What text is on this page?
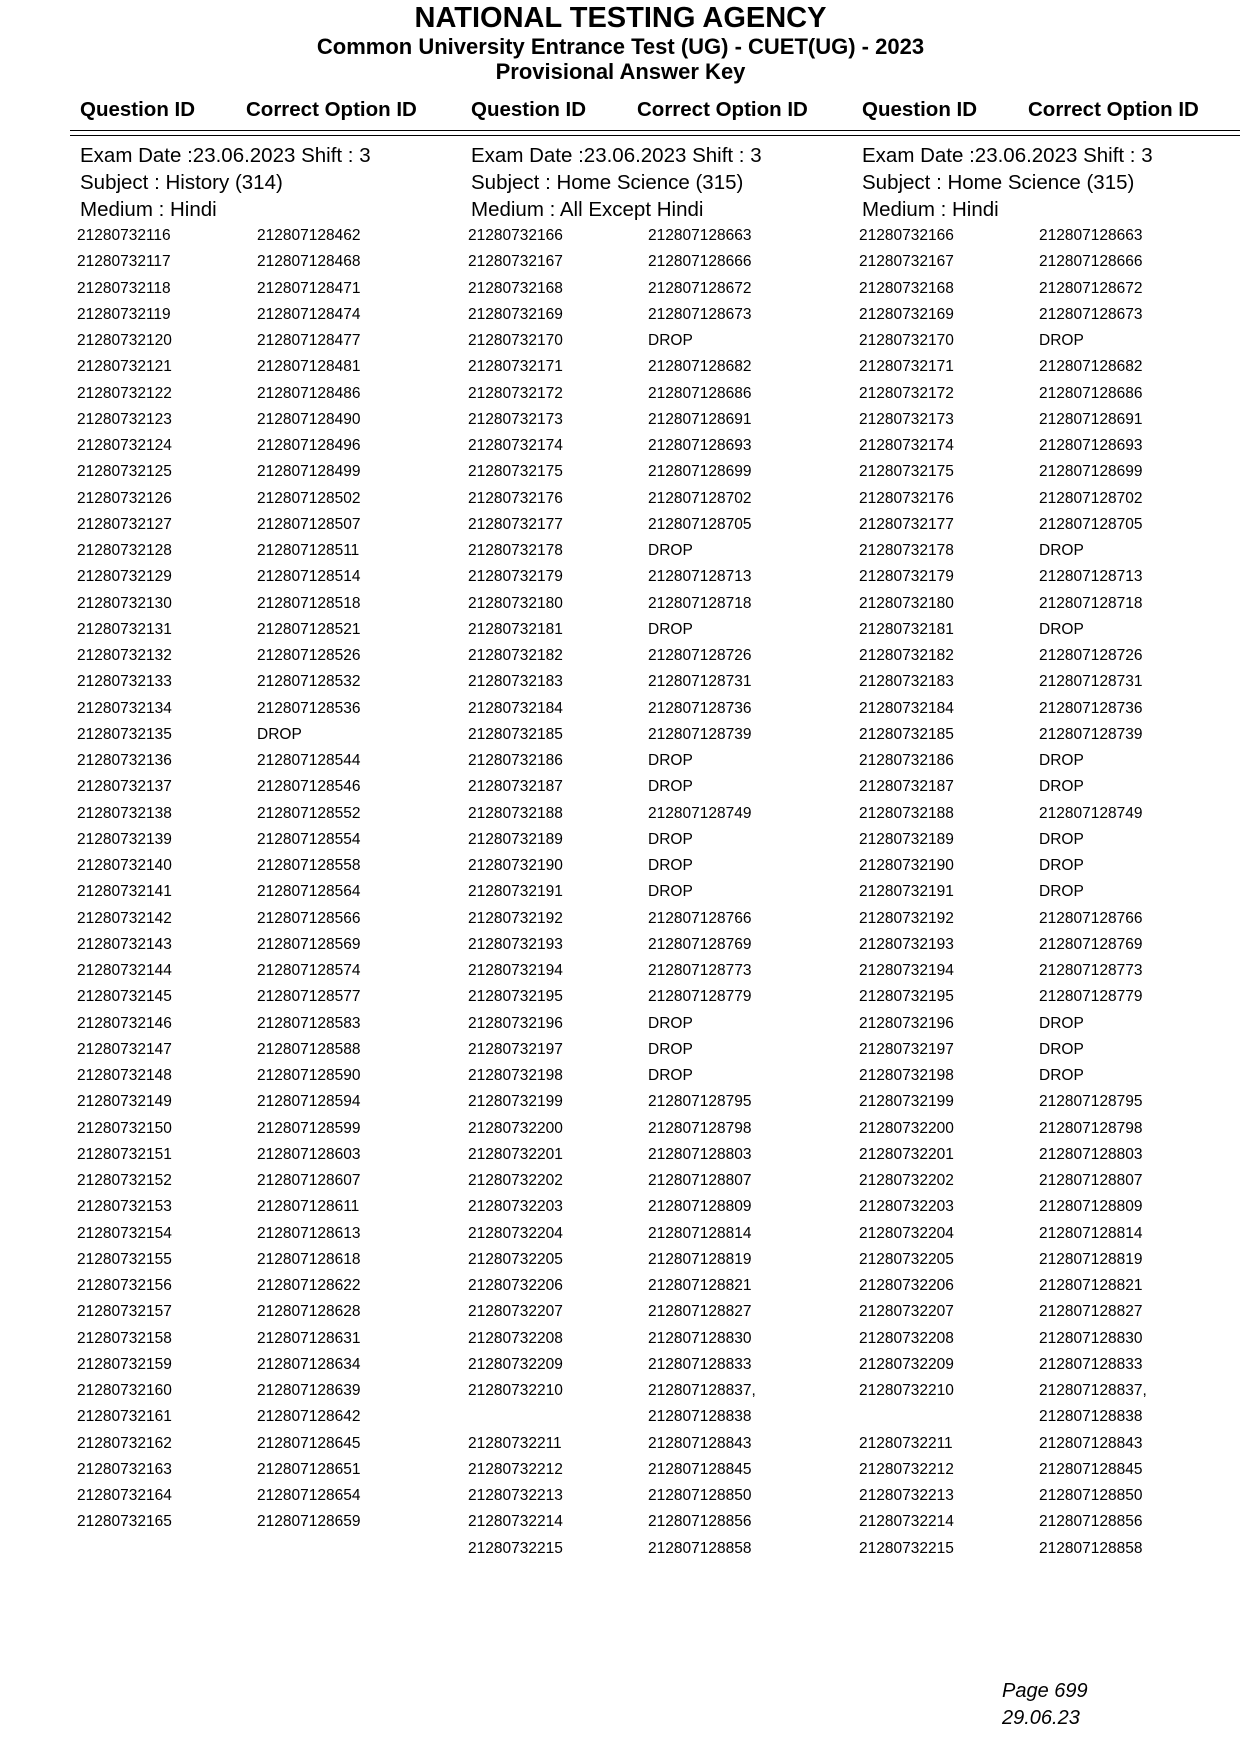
NATIONAL TESTING AGENCY
Common University Entrance Test (UG) - CUET(UG) - 2023
Provisional Answer Key
Question ID Correct Option ID	Question ID Correct Option ID	Question ID Correct Option ID
Exam Date :23.06.2023 Shift : 3
Subject : History (314)
Medium : Hindi
21280732116	212807128462
21280732117	212807128468
21280732118	212807128471
21280732119	212807128474
21280732120	212807128477
21280732121	212807128481
21280732122	212807128486
21280732123	212807128490
21280732124	212807128496
21280732125	212807128499
21280732126	212807128502
21280732127	212807128507
21280732128	212807128511
21280732129	212807128514
21280732130	212807128518
21280732131	212807128521
21280732132	212807128526
21280732133	212807128532
21280732134	212807128536
21280732135	DROP
21280732136	212807128544
21280732137	212807128546
21280732138	212807128552
21280732139	212807128554
21280732140	212807128558
21280732141	212807128564
21280732142	212807128566
21280732143	212807128569
21280732144	212807128574
21280732145	212807128577
21280732146	212807128583
21280732147	212807128588
21280732148	212807128590
21280732149	212807128594
21280732150	212807128599
21280732151	212807128603
21280732152	212807128607
21280732153	212807128611
21280732154	212807128613
21280732155	212807128618
21280732156	212807128622
21280732157	212807128628
21280732158	212807128631
21280732159	212807128634
21280732160	212807128639
21280732161	212807128642
21280732162	212807128645
21280732163	212807128651
21280732164	212807128654
21280732165	212807128659
Exam Date :23.06.2023 Shift : 3
Subject : Home Science (315)
Medium : All Except Hindi
21280732166	212807128663
21280732167	212807128666
21280732168	212807128672
21280732169	212807128673
21280732170	DROP
21280732171	212807128682
21280732172	212807128686
21280732173	212807128691
21280732174	212807128693
21280732175	212807128699
21280732176	212807128702
21280732177	212807128705
21280732178	DROP
21280732179	212807128713
21280732180	212807128718
21280732181	DROP
21280732182	212807128726
21280732183	212807128731
21280732184	212807128736
21280732185	212807128739
21280732186	DROP
21280732187	DROP
21280732188	212807128749
21280732189	DROP
21280732190	DROP
21280732191	DROP
21280732192	212807128766
21280732193	212807128769
21280732194	212807128773
21280732195	212807128779
21280732196	DROP
21280732197	DROP
21280732198	DROP
21280732199	212807128795
21280732200	212807128798
21280732201	212807128803
21280732202	212807128807
21280732203	212807128809
21280732204	212807128814
21280732205	212807128819
21280732206	212807128821
21280732207	212807128827
21280732208	212807128830
21280732209	212807128833
21280732210	212807128837,
212807128838
21280732211	212807128843
21280732212	212807128845
21280732213	212807128850
21280732214	212807128856
21280732215	212807128858
Exam Date :23.06.2023 Shift : 3
Subject : Home Science (315)
Medium : Hindi
21280732166	212807128663
21280732167	212807128666
21280732168	212807128672
21280732169	212807128673
21280732170	DROP
21280732171	212807128682
21280732172	212807128686
21280732173	212807128691
21280732174	212807128693
21280732175	212807128699
21280732176	212807128702
21280732177	212807128705
21280732178	DROP
21280732179	212807128713
21280732180	212807128718
21280732181	DROP
21280732182	212807128726
21280732183	212807128731
21280732184	212807128736
21280732185	212807128739
21280732186	DROP
21280732187	DROP
21280732188	212807128749
21280732189	DROP
21280732190	DROP
21280732191	DROP
21280732192	212807128766
21280732193	212807128769
21280732194	212807128773
21280732195	212807128779
21280732196	DROP
21280732197	DROP
21280732198	DROP
21280732199	212807128795
21280732200	212807128798
21280732201	212807128803
21280732202	212807128807
21280732203	212807128809
21280732204	212807128814
21280732205	212807128819
21280732206	212807128821
21280732207	212807128827
21280732208	212807128830
21280732209	212807128833
21280732210	212807128837,
212807128838
21280732211	212807128843
21280732212	212807128845
21280732213	212807128850
21280732214	212807128856
21280732215	212807128858
Page 699
29.06.23
